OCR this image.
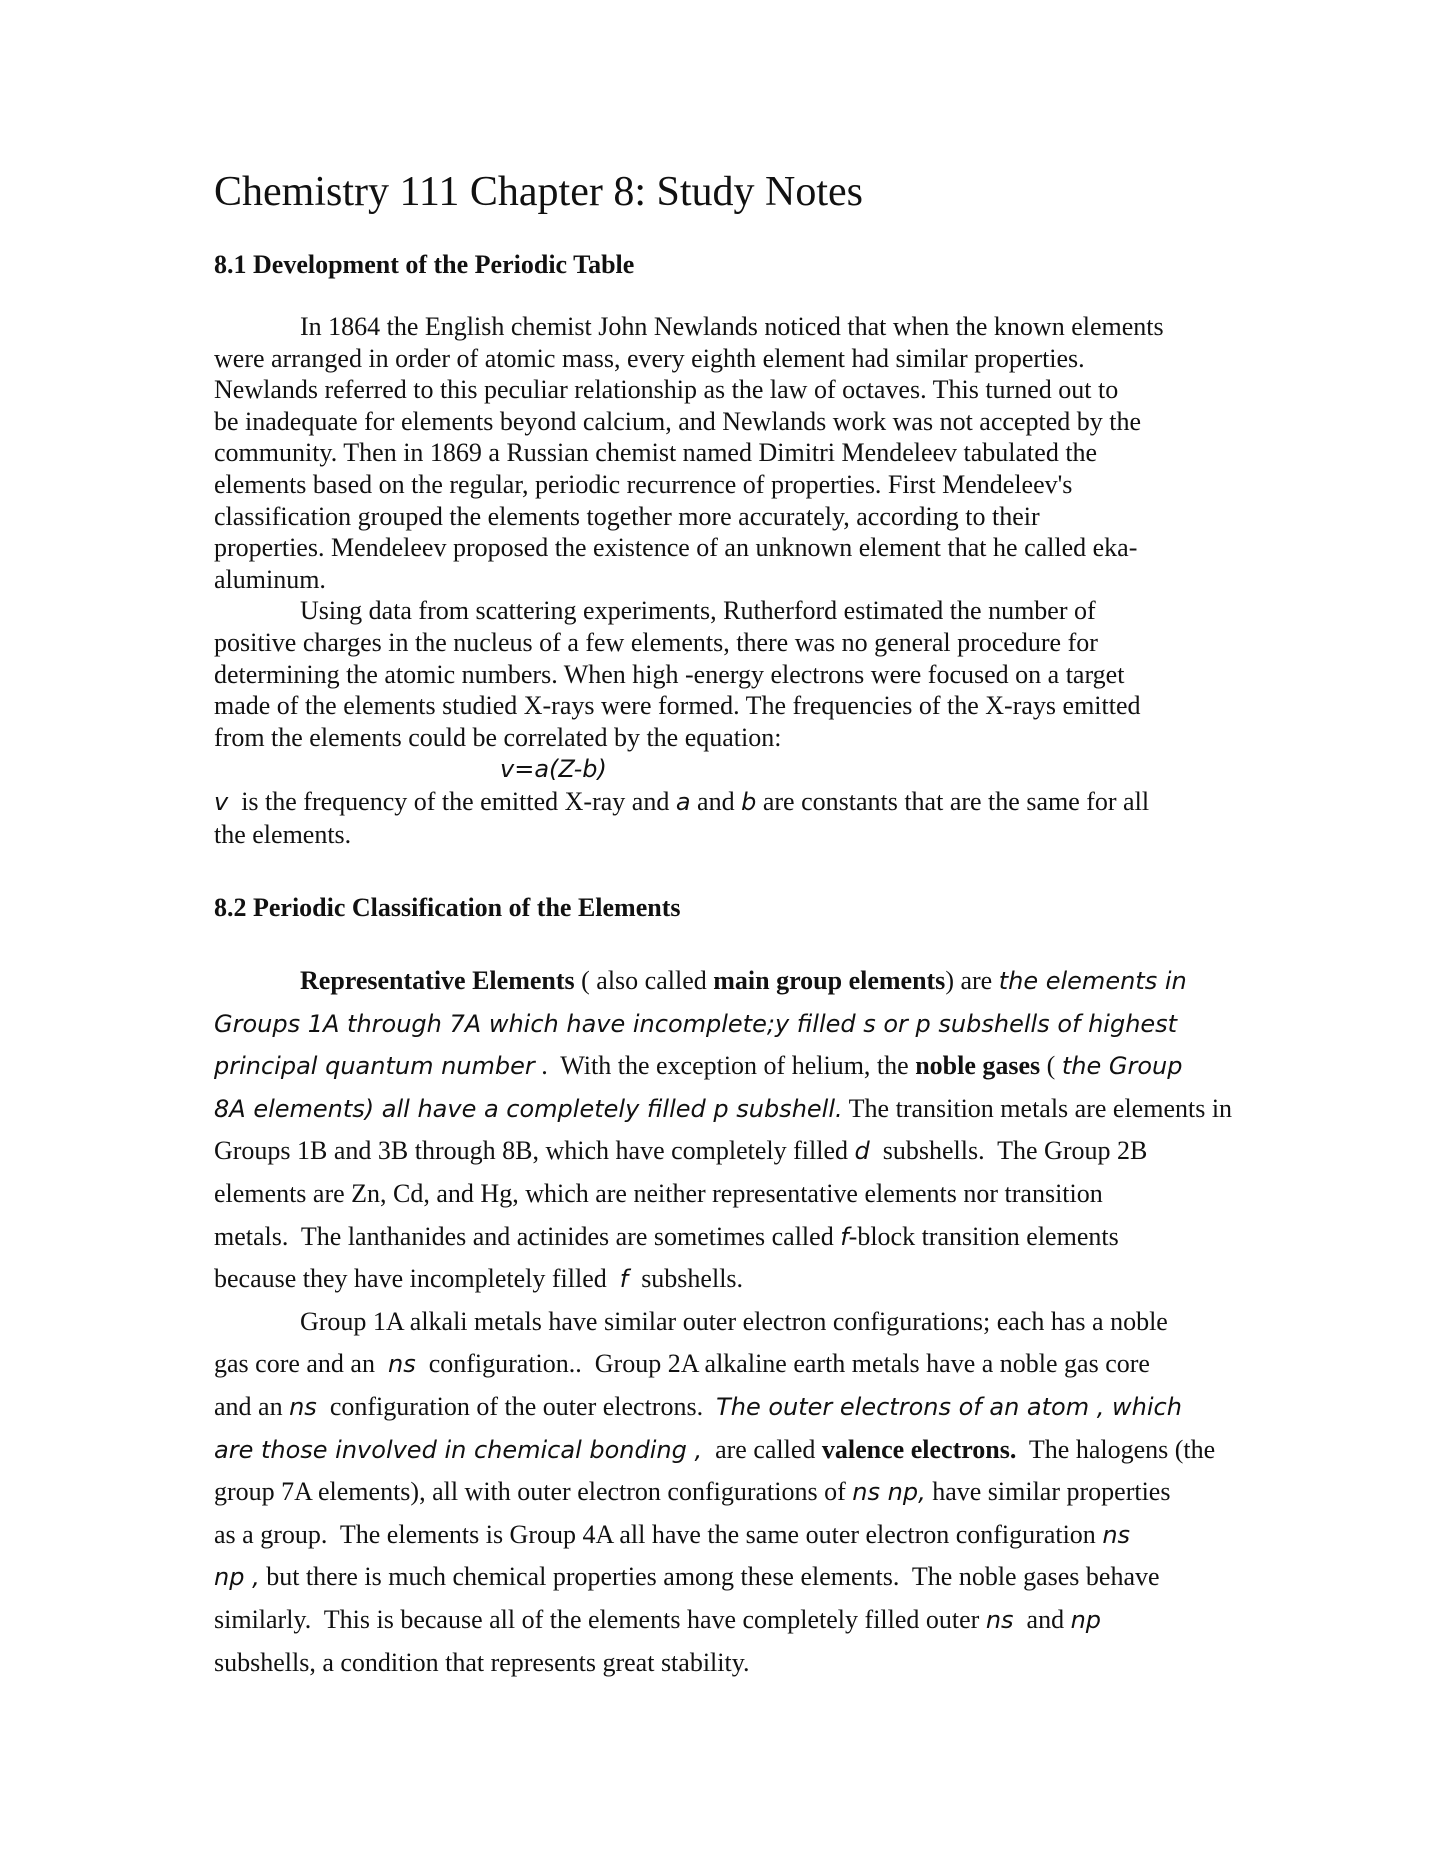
Chemistry 111 Chapter 8: Study Notes
8.1 Development of the Periodic Table
In 1864 the English chemist John Newlands noticed that when the known elements
were arranged in order of atomic mass, every eighth element had similar properties.
Newlands referred to this peculiar relationship as the law of octaves. This turned out to
be inadequate for elements beyond calcium, and Newlands work was not accepted by the
community. Then in 1869 a Russian chemist named Dimitri Mendeleev tabulated the
elements based on the regular, periodic recurrence of properties. First Mendeleev's
classification grouped the elements together more accurately, according to their
properties. Mendeleev proposed the existence of an unknown element that he called eka-
aluminum.
Using data from scattering experiments, Rutherford estimated the number of
positive charges in the nucleus of a few elements, there was no general procedure for
determining the atomic numbers. When high -energy electrons were focused on a target
made of the elements studied X-rays were formed. The frequencies of the X-rays emitted
from the elements could be correlated by the equation:
v=a(Z-b)
v  is the frequency of the emitted X-ray and a and b are constants that are the same for all
the elements.
8.2 Periodic Classification of the Elements
Representative Elements ( also called main group elements) are the elements in
Groups 1A through 7A which have incomplete;y filled s or p subshells of highest
principal quantum number .  With the exception of helium, the noble gases ( the Group
8A elements) all have a completely filled p subshell. The transition metals are elements in
Groups 1B and 3B through 8B, which have completely filled d  subshells.  The Group 2B
elements are Zn, Cd, and Hg, which are neither representative elements nor transition
metals.  The lanthanides and actinides are sometimes called f-block transition elements
because they have incompletely filled  f  subshells.
Group 1A alkali metals have similar outer electron configurations; each has a noble
gas core and an  ns  configuration..  Group 2A alkaline earth metals have a noble gas core
and an ns  configuration of the outer electrons.  The outer electrons of an atom , which
are those involved in chemical bonding ,  are called valence electrons.  The halogens (the
group 7A elements), all with outer electron configurations of ns np, have similar properties
as a group.  The elements is Group 4A all have the same outer electron configuration ns
np , but there is much chemical properties among these elements.  The noble gases behave
similarly.  This is because all of the elements have completely filled outer ns  and np
subshells, a condition that represents great stability.
